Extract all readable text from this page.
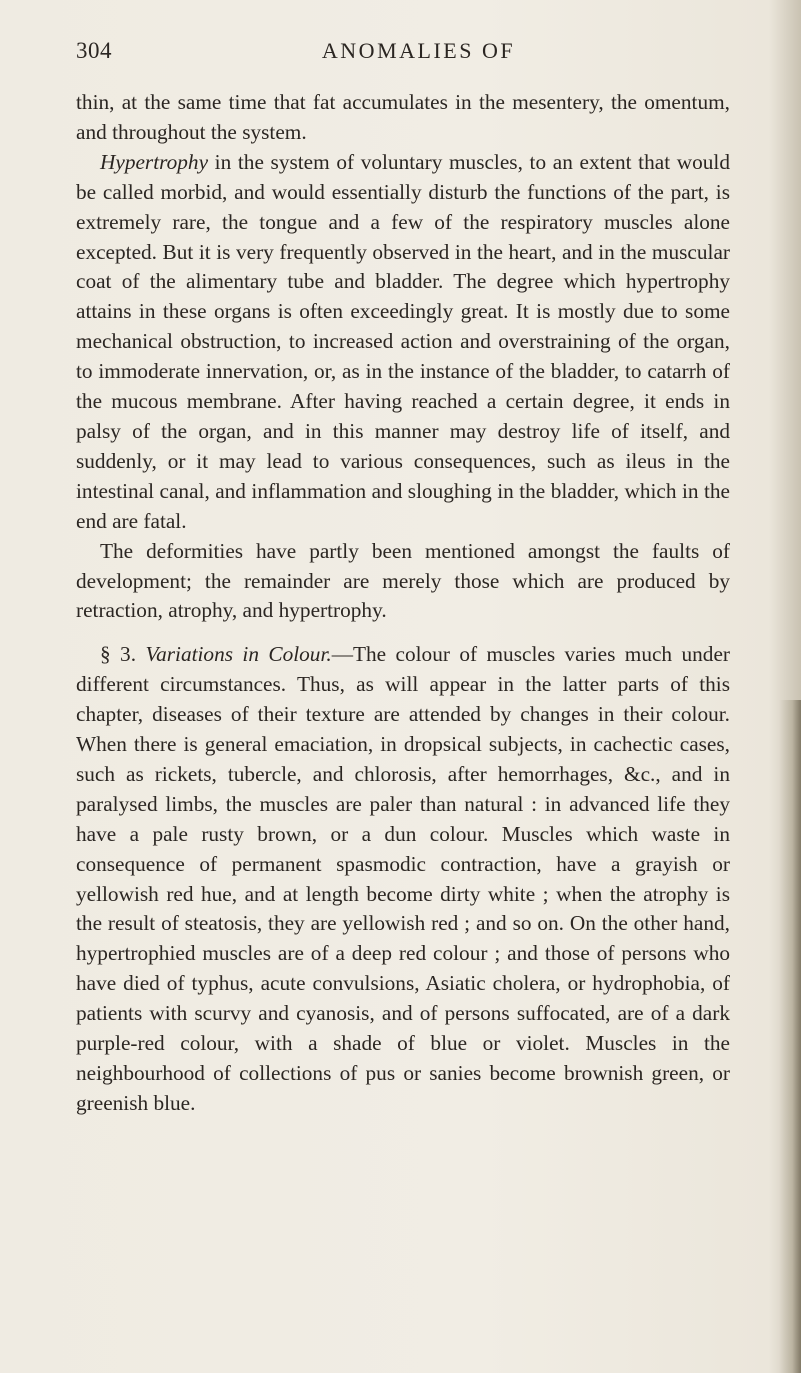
304	ANOMALIES OF

thin, at the same time that fat accumulates in the mesentery, the omentum, and throughout the system.

Hypertrophy in the system of voluntary muscles, to an extent that would be called morbid, and would essentially disturb the functions of the part, is extremely rare, the tongue and a few of the respiratory muscles alone excepted. But it is very frequently observed in the heart, and in the muscular coat of the alimentary tube and bladder. The degree which hypertrophy attains in these organs is often exceedingly great. It is mostly due to some mechanical obstruction, to increased action and overstraining of the organ, to immoderate innervation, or, as in the instance of the bladder, to catarrh of the mucous membrane. After having reached a certain degree, it ends in palsy of the organ, and in this manner may destroy life of itself, and suddenly, or it may lead to various consequences, such as ileus in the intestinal canal, and inflammation and sloughing in the bladder, which in the end are fatal.

The deformities have partly been mentioned amongst the faults of development; the remainder are merely those which are produced by retraction, atrophy, and hypertrophy.

§ 3. Variations in Colour.—The colour of muscles varies much under different circumstances. Thus, as will appear in the latter parts of this chapter, diseases of their texture are attended by changes in their colour. When there is general emaciation, in dropsical subjects, in cachectic cases, such as rickets, tubercle, and chlorosis, after hemorrhages, &c., and in paralysed limbs, the muscles are paler than natural : in advanced life they have a pale rusty brown, or a dun colour. Muscles which waste in consequence of permanent spasmodic contraction, have a grayish or yellowish red hue, and at length become dirty white ; when the atrophy is the result of steatosis, they are yellowish red ; and so on. On the other hand, hypertrophied muscles are of a deep red colour ; and those of persons who have died of typhus, acute convulsions, Asiatic cholera, or hydrophobia, of patients with scurvy and cyanosis, and of persons suffocated, are of a dark purple-red colour, with a shade of blue or violet. Muscles in the neighbourhood of collections of pus or sanies become brownish green, or greenish blue.
